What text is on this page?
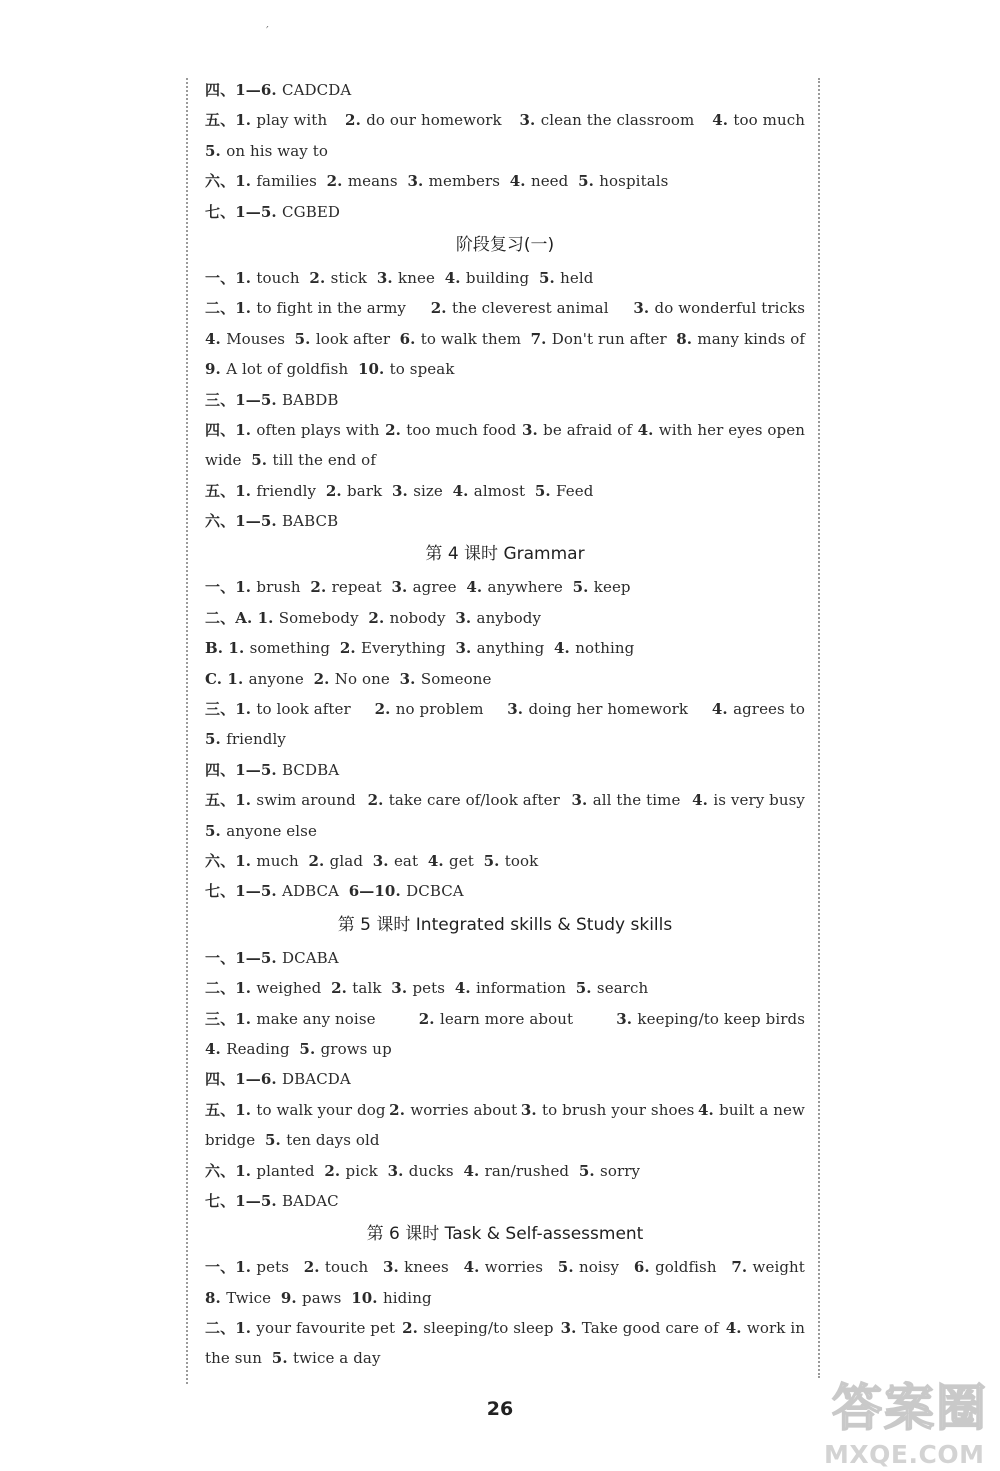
′
四、1—6. CADCDA
五、1. play with 2. do our homework 3. clean the classroom 4. too much
5. on his way to
六、1. families  2. means  3. members  4. need  5. hospitals
七、1—5. CGBED
阶段复习(一)
一、1. touch  2. stick  3. knee  4. building  5. held
二、1. to fight in the army 2. the cleverest animal 3. do wonderful tricks
4. Mouses 5. look after 6. to walk them 7. Don't run after 8. many kinds of
9. A lot of goldfish  10. to speak
三、1—5. BABDB
四、1. often plays with 2. too much food 3. be afraid of 4. with her eyes open
wide  5. till the end of
五、1. friendly  2. bark  3. size  4. almost  5. Feed
六、1—5. BABCB
第 4 课时 Grammar
一、1. brush  2. repeat  3. agree  4. anywhere  5. keep
二、A. 1. Somebody  2. nobody  3. anybody
B. 1. something  2. Everything  3. anything  4. nothing
C. 1. anyone  2. No one  3. Someone
三、1. to look after 2. no problem 3. doing her homework 4. agrees to
5. friendly
四、1—5. BCDBA
五、1. swim around 2. take care of/look after 3. all the time 4. is very busy
5. anyone else
六、1. much  2. glad  3. eat  4. get  5. took
七、1—5. ADBCA  6—10. DCBCA
第 5 课时 Integrated skills & Study skills
一、1—5. DCABA
二、1. weighed  2. talk  3. pets  4. information  5. search
三、1. make any noise	2. learn more about	3. keeping/to keep birds
4. Reading  5. grows up
四、1—6. DBACDA
五、1. to walk your dog 2. worries about 3. to brush your shoes 4. built a new
bridge  5. ten days old
六、1. planted  2. pick  3. ducks  4. ran/rushed  5. sorry
七、1—5. BADAC
第 6 课时 Task & Self-assessment
一、1. pets 2. touch 3. knees 4. worries 5. noisy 6. goldfish 7. weight
8. Twice  9. paws  10. hiding
二、1. your favourite pet 2. sleeping/to sleep 3. Take good care of 4. work in
the sun  5. twice a day
26	答案圈
MXQE.COM
